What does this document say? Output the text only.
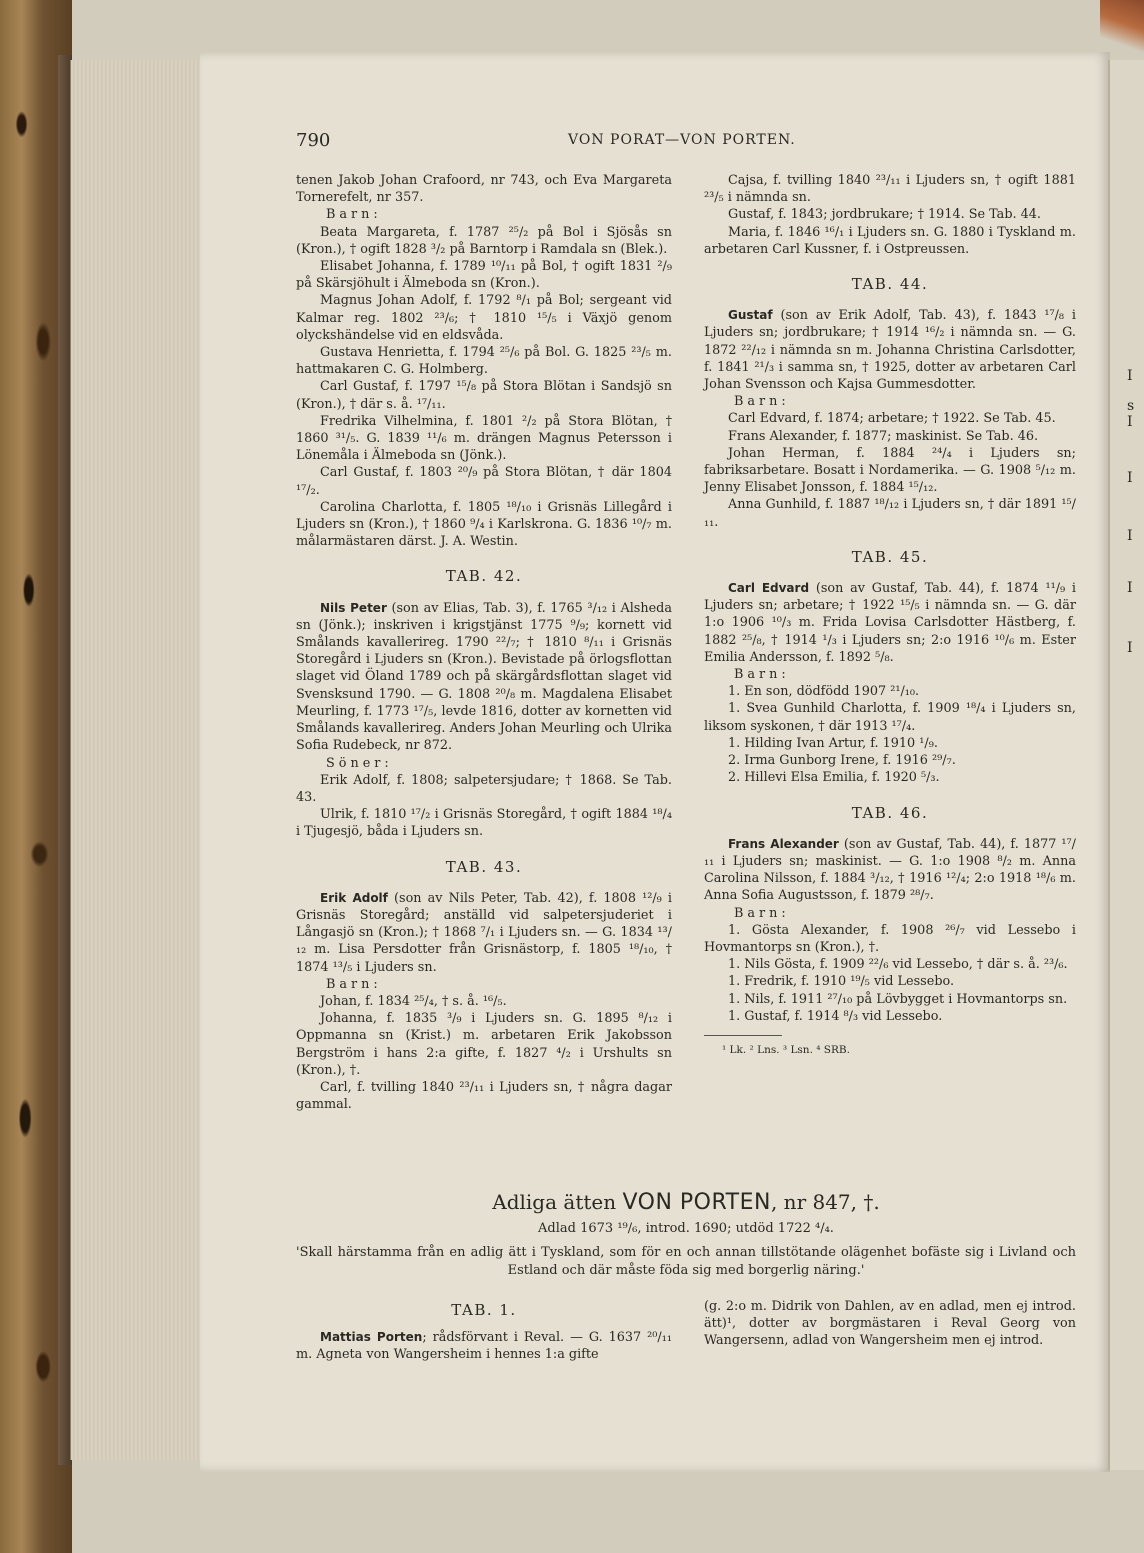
I
s
I
I
I
I
I
790	VON PORAT—VON PORTEN.

tenen Jakob Johan Crafoord, nr 743, och Eva Margareta Tornerefelt, nr 357.

Barn:

Beata Margareta, f. 1787 ²⁵/₂ på Bol i Sjösås sn (Kron.), † ogift 1828 ³/₂ på Barntorp i Ramdala sn (Blek.).

Elisabet Johanna, f. 1789 ¹⁰/₁₁ på Bol, † ogift 1831 ²/₉ på Skärsjöhult i Älmeboda sn (Kron.).

Magnus Johan Adolf, f. 1792 ⁸/₁ på Bol; sergeant vid Kalmar reg. 1802 ²³/₆; † 1810 ¹⁵/₅ i Växjö genom olyckshändelse vid en eldsvåda.

Gustava Henrietta, f. 1794 ²⁵/₆ på Bol. G. 1825 ²³/₅ m. hattmakaren C. G. Holmberg.

Carl Gustaf, f. 1797 ¹⁵/₈ på Stora Blötan i Sandsjö sn (Kron.), † där s. å. ¹⁷/₁₁.

Fredrika Vilhelmina, f. 1801 ²/₂ på Stora Blötan, † 1860 ³¹/₅. G. 1839 ¹¹/₆ m. drängen Magnus Petersson i Lönemåla i Älmeboda sn (Jönk.).

Carl Gustaf, f. 1803 ²⁰/₉ på Stora Blötan, † där 1804 ¹⁷/₂.

Carolina Charlotta, f. 1805 ¹⁸/₁₀ i Grisnäs Lillegård i Ljuders sn (Kron.), † 1860 ⁹/₄ i Karlskrona. G. 1836 ¹⁰/₇ m. målarmästaren därst. J. A. Westin.

TAB. 42.

Nils Peter (son av Elias, Tab. 3), f. 1765 ³/₁₂ i Alsheda sn (Jönk.); inskriven i krigstjänst 1775 ⁹/₉; kornett vid Smålands kavallerireg. 1790 ²²/₇; † 1810 ⁸/₁₁ i Grisnäs Storegård i Ljuders sn (Kron.). Bevistade på örlogsflottan slaget vid Öland 1789 och på skärgårdsflottan slaget vid Svensksund 1790. — G. 1808 ²⁰/₈ m. Magdalena Elisabet Meurling, f. 1773 ¹⁷/₅, levde 1816, dotter av kornetten vid Smålands kavallerireg. Anders Johan Meurling och Ulrika Sofia Rudebeck, nr 872.

Söner:

Erik Adolf, f. 1808; salpetersjudare; † 1868. Se Tab. 43.

Ulrik, f. 1810 ¹⁷/₂ i Grisnäs Storegård, † ogift 1884 ¹⁸/₄ i Tjugesjö, båda i Ljuders sn.

TAB. 43.

Erik Adolf (son av Nils Peter, Tab. 42), f. 1808 ¹²/₉ i Grisnäs Storegård; anställd vid salpetersjuderiet i Långasjö sn (Kron.); † 1868 ⁷/₁ i Ljuders sn. — G. 1834 ¹³/₁₂ m. Lisa Persdotter från Grisnästorp, f. 1805 ¹⁸/₁₀, † 1874 ¹³/₅ i Ljuders sn.

Barn:

Johan, f. 1834 ²⁵/₄, † s. å. ¹⁶/₅.

Johanna, f. 1835 ³/₉ i Ljuders sn. G. 1895 ⁸/₁₂ i Oppmanna sn (Krist.) m. arbetaren Erik Jakobsson Bergström i hans 2:a gifte, f. 1827 ⁴/₂ i Urshults sn (Kron.), †.

Carl, f. tvilling 1840 ²³/₁₁ i Ljuders sn, † några dagar gammal.

Cajsa, f. tvilling 1840 ²³/₁₁ i Ljuders sn, † ogift 1881 ²³/₅ i nämnda sn.

Gustaf, f. 1843; jordbrukare; † 1914. Se Tab. 44.

Maria, f. 1846 ¹⁶/₁ i Ljuders sn. G. 1880 i Tyskland m. arbetaren Carl Kussner, f. i Ostpreussen.

TAB. 44.

Gustaf (son av Erik Adolf, Tab. 43), f. 1843 ¹⁷/₈ i Ljuders sn; jordbrukare; † 1914 ¹⁶/₂ i nämnda sn. — G. 1872 ²²/₁₂ i nämnda sn m. Johanna Christina Carlsdotter, f. 1841 ²¹/₃ i samma sn, † 1925, dotter av arbetaren Carl Johan Svensson och Kajsa Gummesdotter.

Barn:

Carl Edvard, f. 1874; arbetare; † 1922. Se Tab. 45.

Frans Alexander, f. 1877; maskinist. Se Tab. 46.

Johan Herman, f. 1884 ²⁴/₄ i Ljuders sn; fabriksarbetare. Bosatt i Nordamerika. — G. 1908 ⁵/₁₂ m. Jenny Elisabet Jonsson, f. 1884 ¹⁵/₁₂.

Anna Gunhild, f. 1887 ¹⁸/₁₂ i Ljuders sn, † där 1891 ¹⁵/₁₁.

TAB. 45.

Carl Edvard (son av Gustaf, Tab. 44), f. 1874 ¹¹/₉ i Ljuders sn; arbetare; † 1922 ¹⁵/₅ i nämnda sn. — G. där 1:o 1906 ¹⁰/₃ m. Frida Lovisa Carlsdotter Hästberg, f. 1882 ²⁵/₈, † 1914 ¹/₃ i Ljuders sn; 2:o 1916 ¹⁰/₆ m. Ester Emilia Andersson, f. 1892 ⁵/₈.

Barn:

1. En son, dödfödd 1907 ²¹/₁₀.

1. Svea Gunhild Charlotta, f. 1909 ¹⁸/₄ i Ljuders sn, liksom syskonen, † där 1913 ¹⁷/₄.

1. Hilding Ivan Artur, f. 1910 ¹/₉.

2. Irma Gunborg Irene, f. 1916 ²⁹/₇.

2. Hillevi Elsa Emilia, f. 1920 ⁵/₃.

TAB. 46.

Frans Alexander (son av Gustaf, Tab. 44), f. 1877 ¹⁷/₁₁ i Ljuders sn; maskinist. — G. 1:o 1908 ⁸/₂ m. Anna Carolina Nilsson, f. 1884 ³/₁₂, † 1916 ¹²/₄; 2:o 1918 ¹⁸/₆ m. Anna Sofia Augustsson, f. 1879 ²⁸/₇.

Barn:

1. Gösta Alexander, f. 1908 ²⁶/₇ vid Lessebo i Hovmantorps sn (Kron.), †.

1. Nils Gösta, f. 1909 ²²/₆ vid Lessebo, † där s. å. ²³/₆.

1. Fredrik, f. 1910 ¹⁹/₅ vid Lessebo.

1. Nils, f. 1911 ²⁷/₁₀ på Lövbygget i Hovmantorps sn.

1. Gustaf, f. 1914 ⁸/₃ vid Lessebo.

¹ Lk. ² Lns. ³ Lsn. ⁴ SRB.

Adliga ätten VON PORTEN, nr 847, †.
Adlad 1673 ¹⁹/₆, introd. 1690; utdöd 1722 ⁴/₄.
'Skall härstamma från en adlig ätt i Tyskland, som för en och annan tillstötande olägenhet bofäste sig i Livland och Estland och där måste föda sig med borgerlig näring.'
TAB. 1.

Mattias Porten; rådsförvant i Reval. — G. 1637 ²⁰/₁₁ m. Agneta von Wangersheim i hennes 1:a gifte

(g. 2:o m. Didrik von Dahlen, av en adlad, men ej introd. ätt)¹, dotter av borgmästaren i Reval Georg von Wangersenn, adlad von Wangersheim men ej introd.
